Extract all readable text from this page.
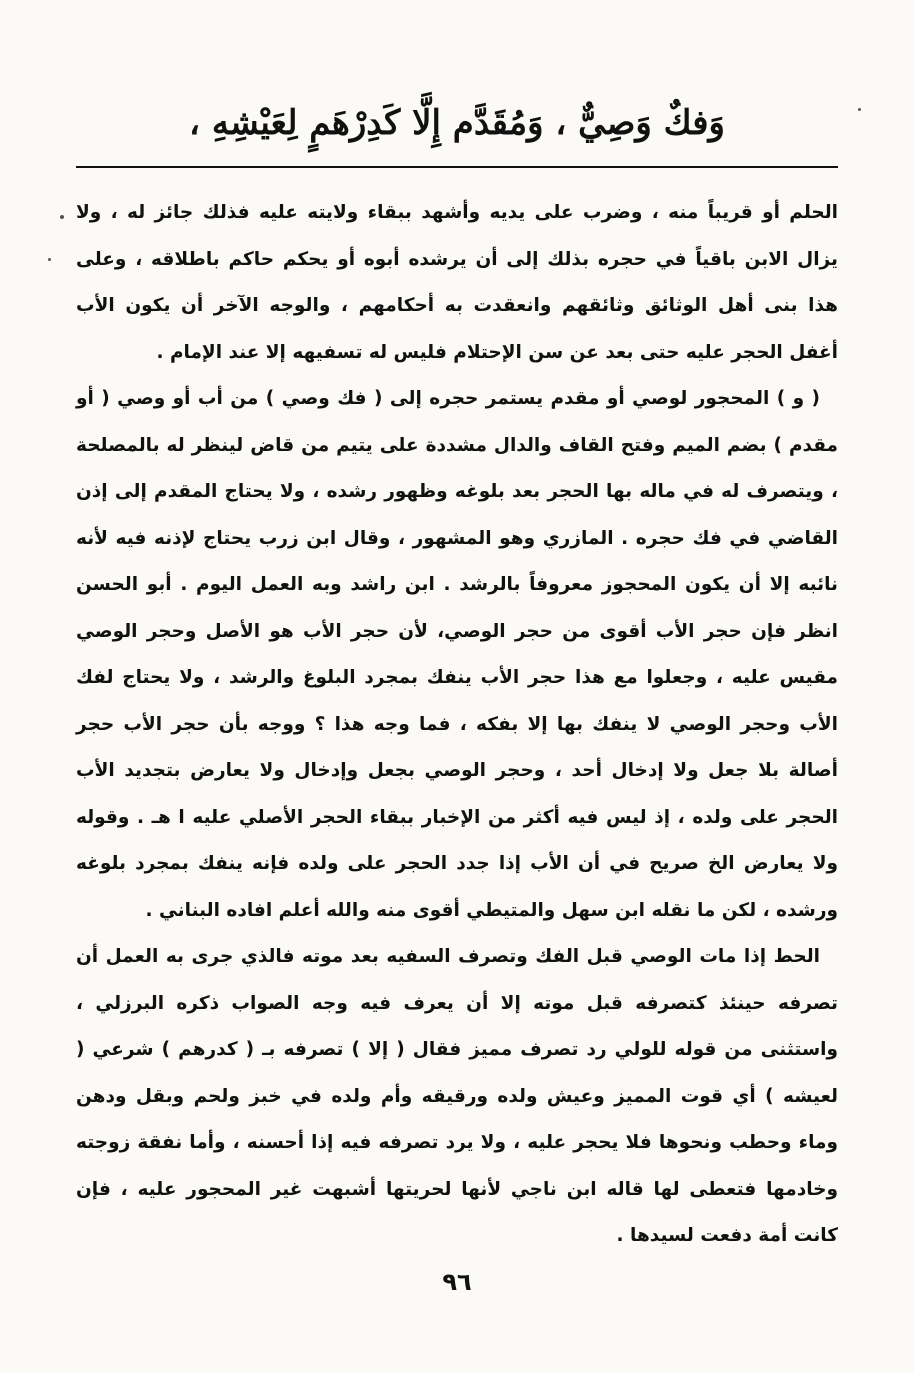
وَفكٌ وَصِيٌّ ، وَمُقَدَّم إِلَّا كَدِرْهَمٍ لِعَيْشِهِ ،

الحلم أو قريباً منه ، وضرب على يديه وأشهد ببقاء ولايته عليه فذلك جائز له ، ولا يزال الابن باقياً في حجره بذلك إلى أن يرشده أبوه أو يحكم حاكم باطلاقه ، وعلى هذا بنى أهل الوثائق وثائقهم وانعقدت به أحكامهم ، والوجه الآخر أن يكون الأب أغفل الحجر عليه حتى بعد عن سن الإحتلام فليس له تسفيهه إلا عند الإمام .

( و ) المحجور لوصي أو مقدم يستمر حجره إلى ( فك وصي ) من أب أو وصي ( أو مقدم ) بضم الميم وفتح القاف والدال مشددة على يتيم من قاض لينظر له بالمصلحة ، ويتصرف له في ماله بها الحجر بعد بلوغه وظهور رشده ، ولا يحتاج المقدم إلى إذن القاضي في فك حجره . المازري وهو المشهور ، وقال ابن زرب يحتاج لإذنه فيه لأنه نائبه إلا أن يكون المحجوز معروفاً بالرشد . ابن راشد وبه العمل اليوم . أبو الحسن انظر فإن حجر الأب أقوى من حجر الوصي، لأن حجر الأب هو الأصل وحجر الوصي مقيس عليه ، وجعلوا مع هذا حجر الأب ينفك بمجرد البلوغ والرشد ، ولا يحتاج لفك الأب وحجر الوصي لا ينفك بها إلا بفكه ، فما وجه هذا ؟ ووجه بأن حجر الأب حجر أصالة بلا جعل ولا إدخال أحد ، وحجر الوصي بجعل وإدخال ولا يعارض بتجديد الأب الحجر على ولده ، إذ ليس فيه أكثر من الإخبار ببقاء الحجر الأصلي عليه ا هـ . وقوله ولا يعارض الخ صريح في أن الأب إذا جدد الحجر على ولده فإنه ينفك بمجرد بلوغه ورشده ، لكن ما نقله ابن سهل والمتيطي أقوى منه والله أعلم افاده البناني .

الحط إذا مات الوصي قبل الفك وتصرف السفيه بعد موته فالذي جرى به العمل أن تصرفه حينئذ كتصرفه قبل موته إلا أن يعرف فيه وجه الصواب ذكره البرزلي ، واستثنى من قوله للولي رد تصرف مميز فقال ( إلا ) تصرفه بـ ( كدرهم ) شرعي ( لعيشه ) أي قوت المميز وعيش ولده ورقيقه وأم ولده في خبز ولحم وبقل ودهن وماء وحطب ونحوها فلا يحجر عليه ، ولا يرد تصرفه فيه إذا أحسنه ، وأما نفقة زوجته وخادمها فتعطى لها قاله ابن ناجي لأنها لحريتها أشبهت غير المحجور عليه ، فإن كانت أمة دفعت لسيدها .

٩٦
